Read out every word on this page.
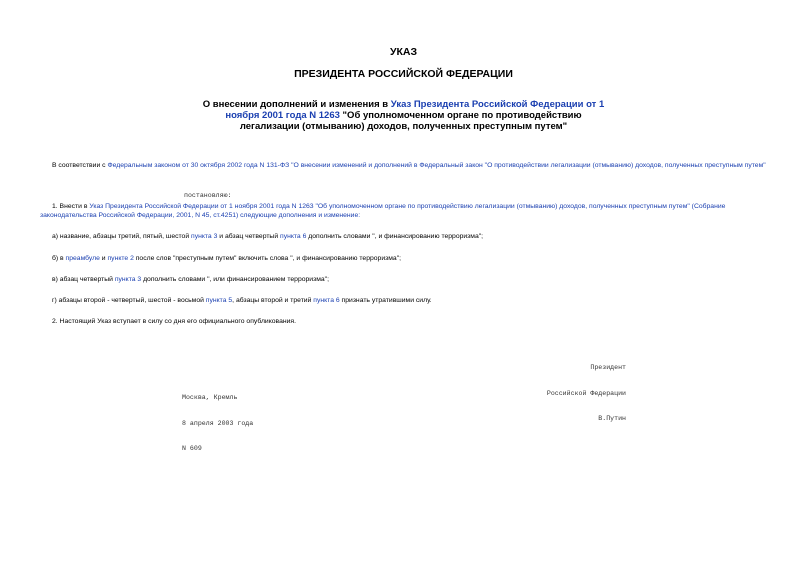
УКАЗ
ПРЕЗИДЕНТА РОССИЙСКОЙ ФЕДЕРАЦИИ
О внесении дополнений и изменения в Указ Президента Российской Федерации от 1 ноября 2001 года N 1263 "Об уполномоченном органе по противодействию легализации (отмыванию) доходов, полученных преступным путем"
В соответствии с Федеральным законом от 30 октября 2002 года N 131-ФЗ "О внесении изменений и дополнений в Федеральный закон "О противодействии легализации (отмыванию) доходов, полученных преступным путем"
постановляю:
1. Внести в Указ Президента Российской Федерации от 1 ноября 2001 года N 1263 "Об уполномоченном органе по противодействию легализации (отмыванию) доходов, полученных преступным путем" (Собрание законодательства Российской Федерации, 2001, N 45, ст.4251) следующие дополнения и изменение:
а) название, абзацы третий, пятый, шестой пункта 3 и абзац четвертый пункта 6 дополнить словами ", и финансированию терроризма";
б) в преамбуле и пункте 2 после слов "преступным путем" включить слова ", и финансированию терроризма";
в) абзац четвертый пункта 3 дополнить словами ", или финансированием терроризма";
г) абзацы второй - четвертый, шестой - восьмой пункта 5, абзацы второй и третий пункта 6 признать утратившими силу.
2. Настоящий Указ вступает в силу со дня его официального опубликования.

Президент

Российской Федерации

В.Путин

Москва, Кремль

8 апреля 2003 года

N 609
